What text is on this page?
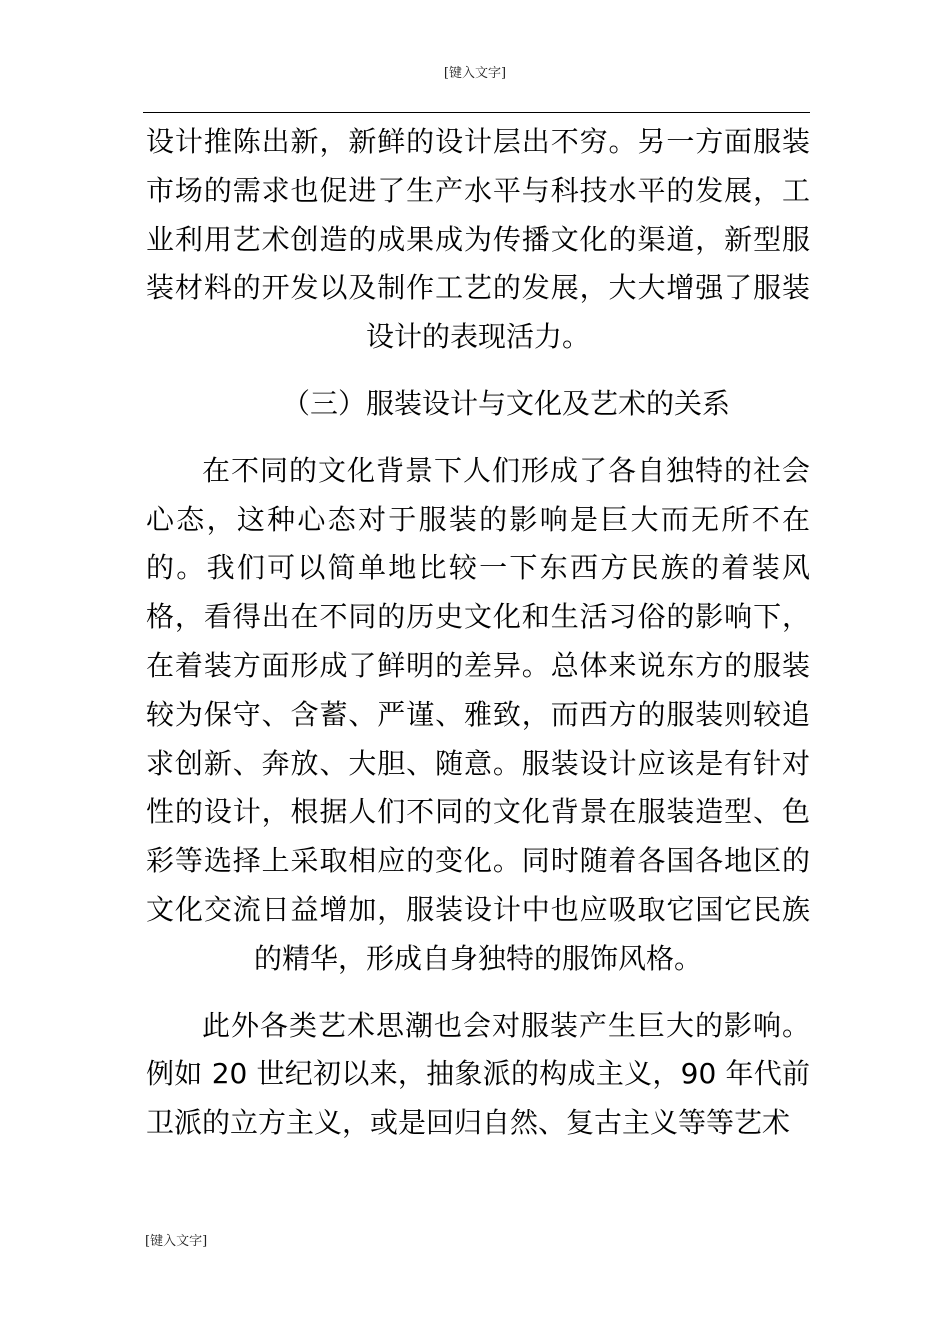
[键入文字]

设计推陈出新，新鲜的设计层出不穷。另一方面服装市场的需求也促进了生产水平与科技水平的发展，工业利用艺术创造的成果成为传播文化的渠道，新型服装材料的开发以及制作工艺的发展，大大增强了服装设计的表现活力。

（三）服装设计与文化及艺术的关系

在不同的文化背景下人们形成了各自独特的社会心态，这种心态对于服装的影响是巨大而无所不在的。我们可以简单地比较一下东西方民族的着装风格，看得出在不同的历史文化和生活习俗的影响下，在着装方面形成了鲜明的差异。总体来说东方的服装较为保守、含蓄、严谨、雅致，而西方的服装则较追求创新、奔放、大胆、随意。服装设计应该是有针对性的设计，根据人们不同的文化背景在服装造型、色彩等选择上采取相应的变化。同时随着各国各地区的文化交流日益增加，服装设计中也应吸取它国它民族的精华，形成自身独特的服饰风格。

此外各类艺术思潮也会对服装产生巨大的影响。例如 20 世纪初以来，抽象派的构成主义，90 年代前卫派的立方主义，或是回归自然、复古主义等等艺术

[键入文字]
